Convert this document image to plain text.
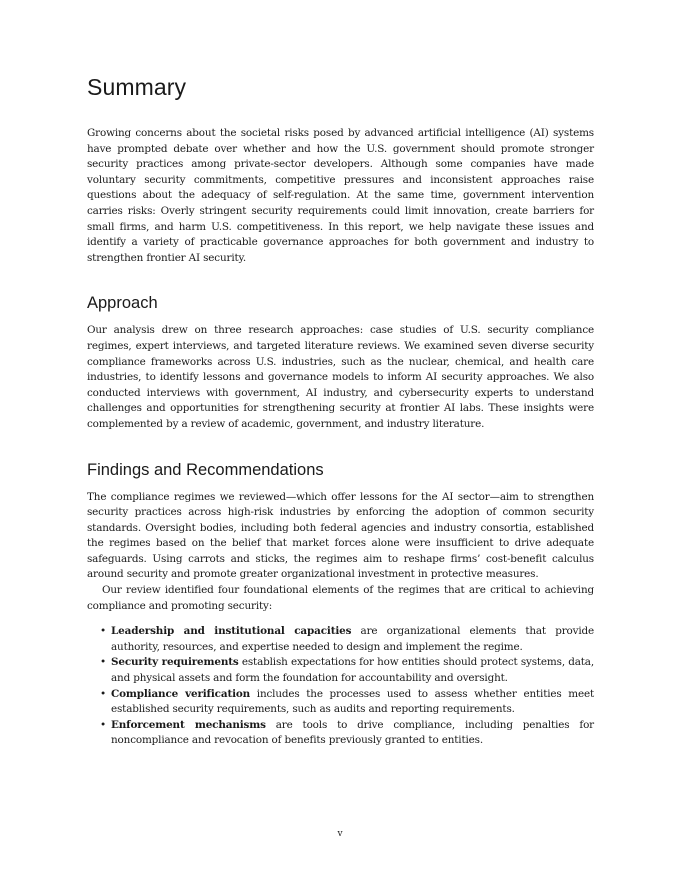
Summary

Growing concerns about the societal risks posed by advanced artificial intelligence (AI) systems have prompted debate over whether and how the U.S. government should promote stronger security practices among private-sector developers. Although some companies have made voluntary security commitments, competitive pressures and inconsistent approaches raise questions about the adequacy of self-regulation. At the same time, government intervention carries risks: Overly stringent security requirements could limit innovation, create barriers for small firms, and harm U.S. competitiveness. In this report, we help navigate these issues and identify a variety of practicable governance approaches for both government and industry to strengthen frontier AI security.

Approach

Our analysis drew on three research approaches: case studies of U.S. security compliance regimes, expert interviews, and targeted literature reviews. We examined seven diverse security compliance frameworks across U.S. industries, such as the nuclear, chemical, and health care industries, to identify lessons and governance models to inform AI security approaches. We also conducted interviews with government, AI industry, and cybersecurity experts to understand challenges and opportunities for strengthening security at frontier AI labs. These insights were complemented by a review of academic, government, and industry literature.

Findings and Recommendations

The compliance regimes we reviewed—which offer lessons for the AI sector—aim to strengthen security practices across high-risk industries by enforcing the adoption of common security standards. Oversight bodies, including both federal agencies and industry consortia, established the regimes based on the belief that market forces alone were insufficient to drive adequate safeguards. Using carrots and sticks, the regimes aim to reshape firms’ cost-benefit calculus around security and promote greater organizational investment in protective measures.

Our review identified four foundational elements of the regimes that are critical to achieving compliance and promoting security:

• Leadership and institutional capacities are organizational elements that provide authority, resources, and expertise needed to design and implement the regime.
• Security requirements establish expectations for how entities should protect systems, data, and physical assets and form the foundation for accountability and oversight.
• Compliance verification includes the processes used to assess whether entities meet established security requirements, such as audits and reporting requirements.
• Enforcement mechanisms are tools to drive compliance, including penalties for noncompliance and revocation of benefits previously granted to entities.
v
